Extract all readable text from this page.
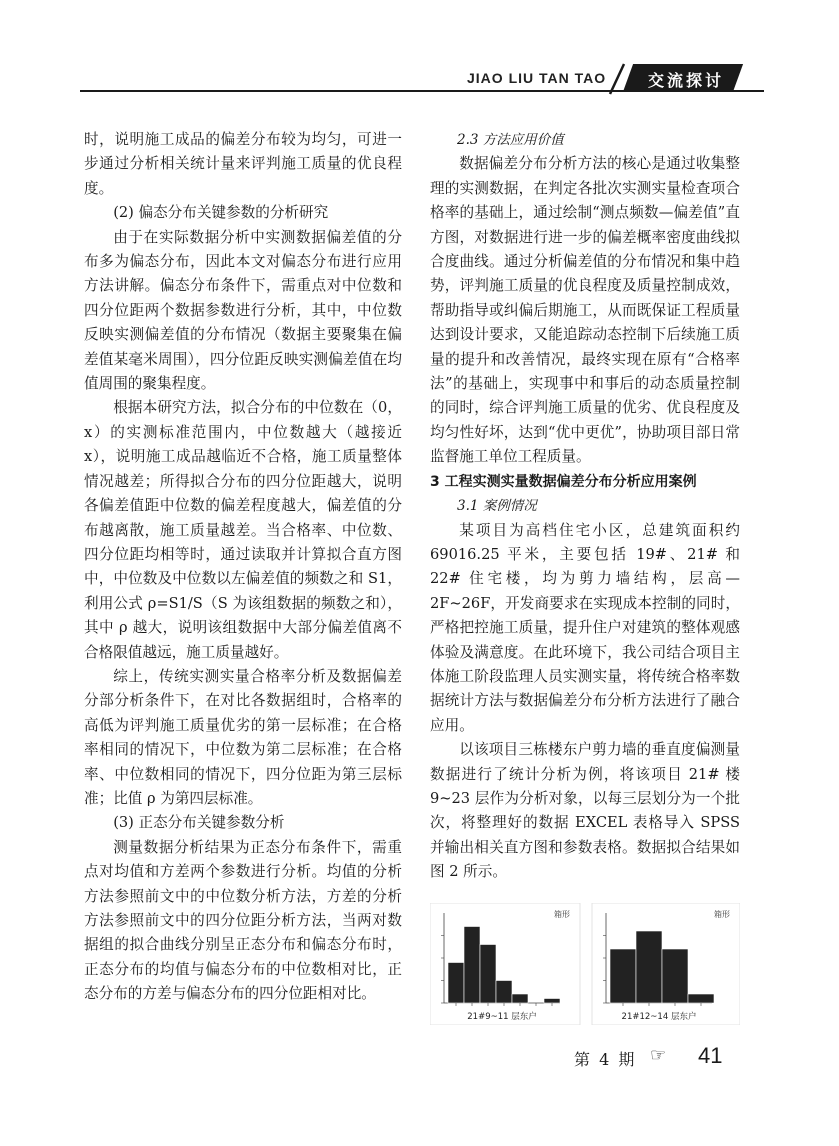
JIAO LIU TAN TAO	交流探讨

时，说明施工成品的偏差分布较为均匀，可进一步通过分析相关统计量来评判施工质量的优良程度。

(2) 偏态分布关键参数的分析研究

由于在实际数据分析中实测数据偏差值的分布多为偏态分布，因此本文对偏态分布进行应用方法讲解。偏态分布条件下，需重点对中位数和四分位距两个数据参数进行分析，其中，中位数反映实测偏差值的分布情况（数据主要聚集在偏差值某毫米周围），四分位距反映实测偏差值在均值周围的聚集程度。

根据本研究方法，拟合分布的中位数在（0，x）的实测标准范围内，中位数越大（越接近 x），说明施工成品越临近不合格，施工质量整体情况越差；所得拟合分布的四分位距越大，说明各偏差值距中位数的偏差程度越大，偏差值的分布越离散，施工质量越差。当合格率、中位数、四分位距均相等时，通过读取并计算拟合直方图中，中位数及中位数以左偏差值的频数之和 S1，利用公式 ρ=S1/S（S 为该组数据的频数之和），其中 ρ 越大，说明该组数据中大部分偏差值离不合格限值越远，施工质量越好。

综上，传统实测实量合格率分析及数据偏差分部分析条件下，在对比各数据组时，合格率的高低为评判施工质量优劣的第一层标准；在合格率相同的情况下，中位数为第二层标准；在合格率、中位数相同的情况下，四分位距为第三层标准；比值 ρ 为第四层标准。

(3) 正态分布关键参数分析

测量数据分析结果为正态分布条件下，需重点对均值和方差两个参数进行分析。均值的分析方法参照前文中的中位数分析方法，方差的分析方法参照前文中的四分位距分析方法，当两对数据组的拟合曲线分别呈正态分布和偏态分布时，正态分布的均值与偏态分布的中位数相对比，正态分布的方差与偏态分布的四分位距相对比。

2.3 方法应用价值

数据偏差分布分析方法的核心是通过收集整理的实测数据，在判定各批次实测实量检查项合格率的基础上，通过绘制“测点频数—偏差值”直方图，对数据进行进一步的偏差概率密度曲线拟合度曲线。通过分析偏差值的分布情况和集中趋势，评判施工质量的优良程度及质量控制成效，帮助指导或纠偏后期施工，从而既保证工程质量达到设计要求，又能追踪动态控制下后续施工质量的提升和改善情况，最终实现在原有“合格率法”的基础上，实现事中和事后的动态质量控制的同时，综合评判施工质量的优劣、优良程度及均匀性好坏，达到“优中更优”，协助项目部日常监督施工单位工程质量。

3 工程实测实量数据偏差分布分析应用案例

3.1 案例情况

某项目为高档住宅小区，总建筑面积约 69016.25 平米，主要包括 19#、21# 和 22# 住宅楼，均为剪力墙结构，层高—2F~26F，开发商要求在实现成本控制的同时，严格把控施工质量，提升住户对建筑的整体观感体验及满意度。在此环境下，我公司结合项目主体施工阶段监理人员实测实量，将传统合格率数据统计方法与数据偏差分布分析方法进行了融合应用。

以该项目三栋楼东户剪力墙的垂直度偏测量数据进行了统计分析为例，将该项目 21# 楼 9~23 层作为分析对象，以每三层划分为一个批次，将整理好的数据 EXCEL 表格导入 SPSS 并输出相关直方图和参数表格。数据拟合结果如图 2 所示。

箱形
21#9~11 层东户
箱形
21#12~14 层东户
第 4 期 ☞ 41
